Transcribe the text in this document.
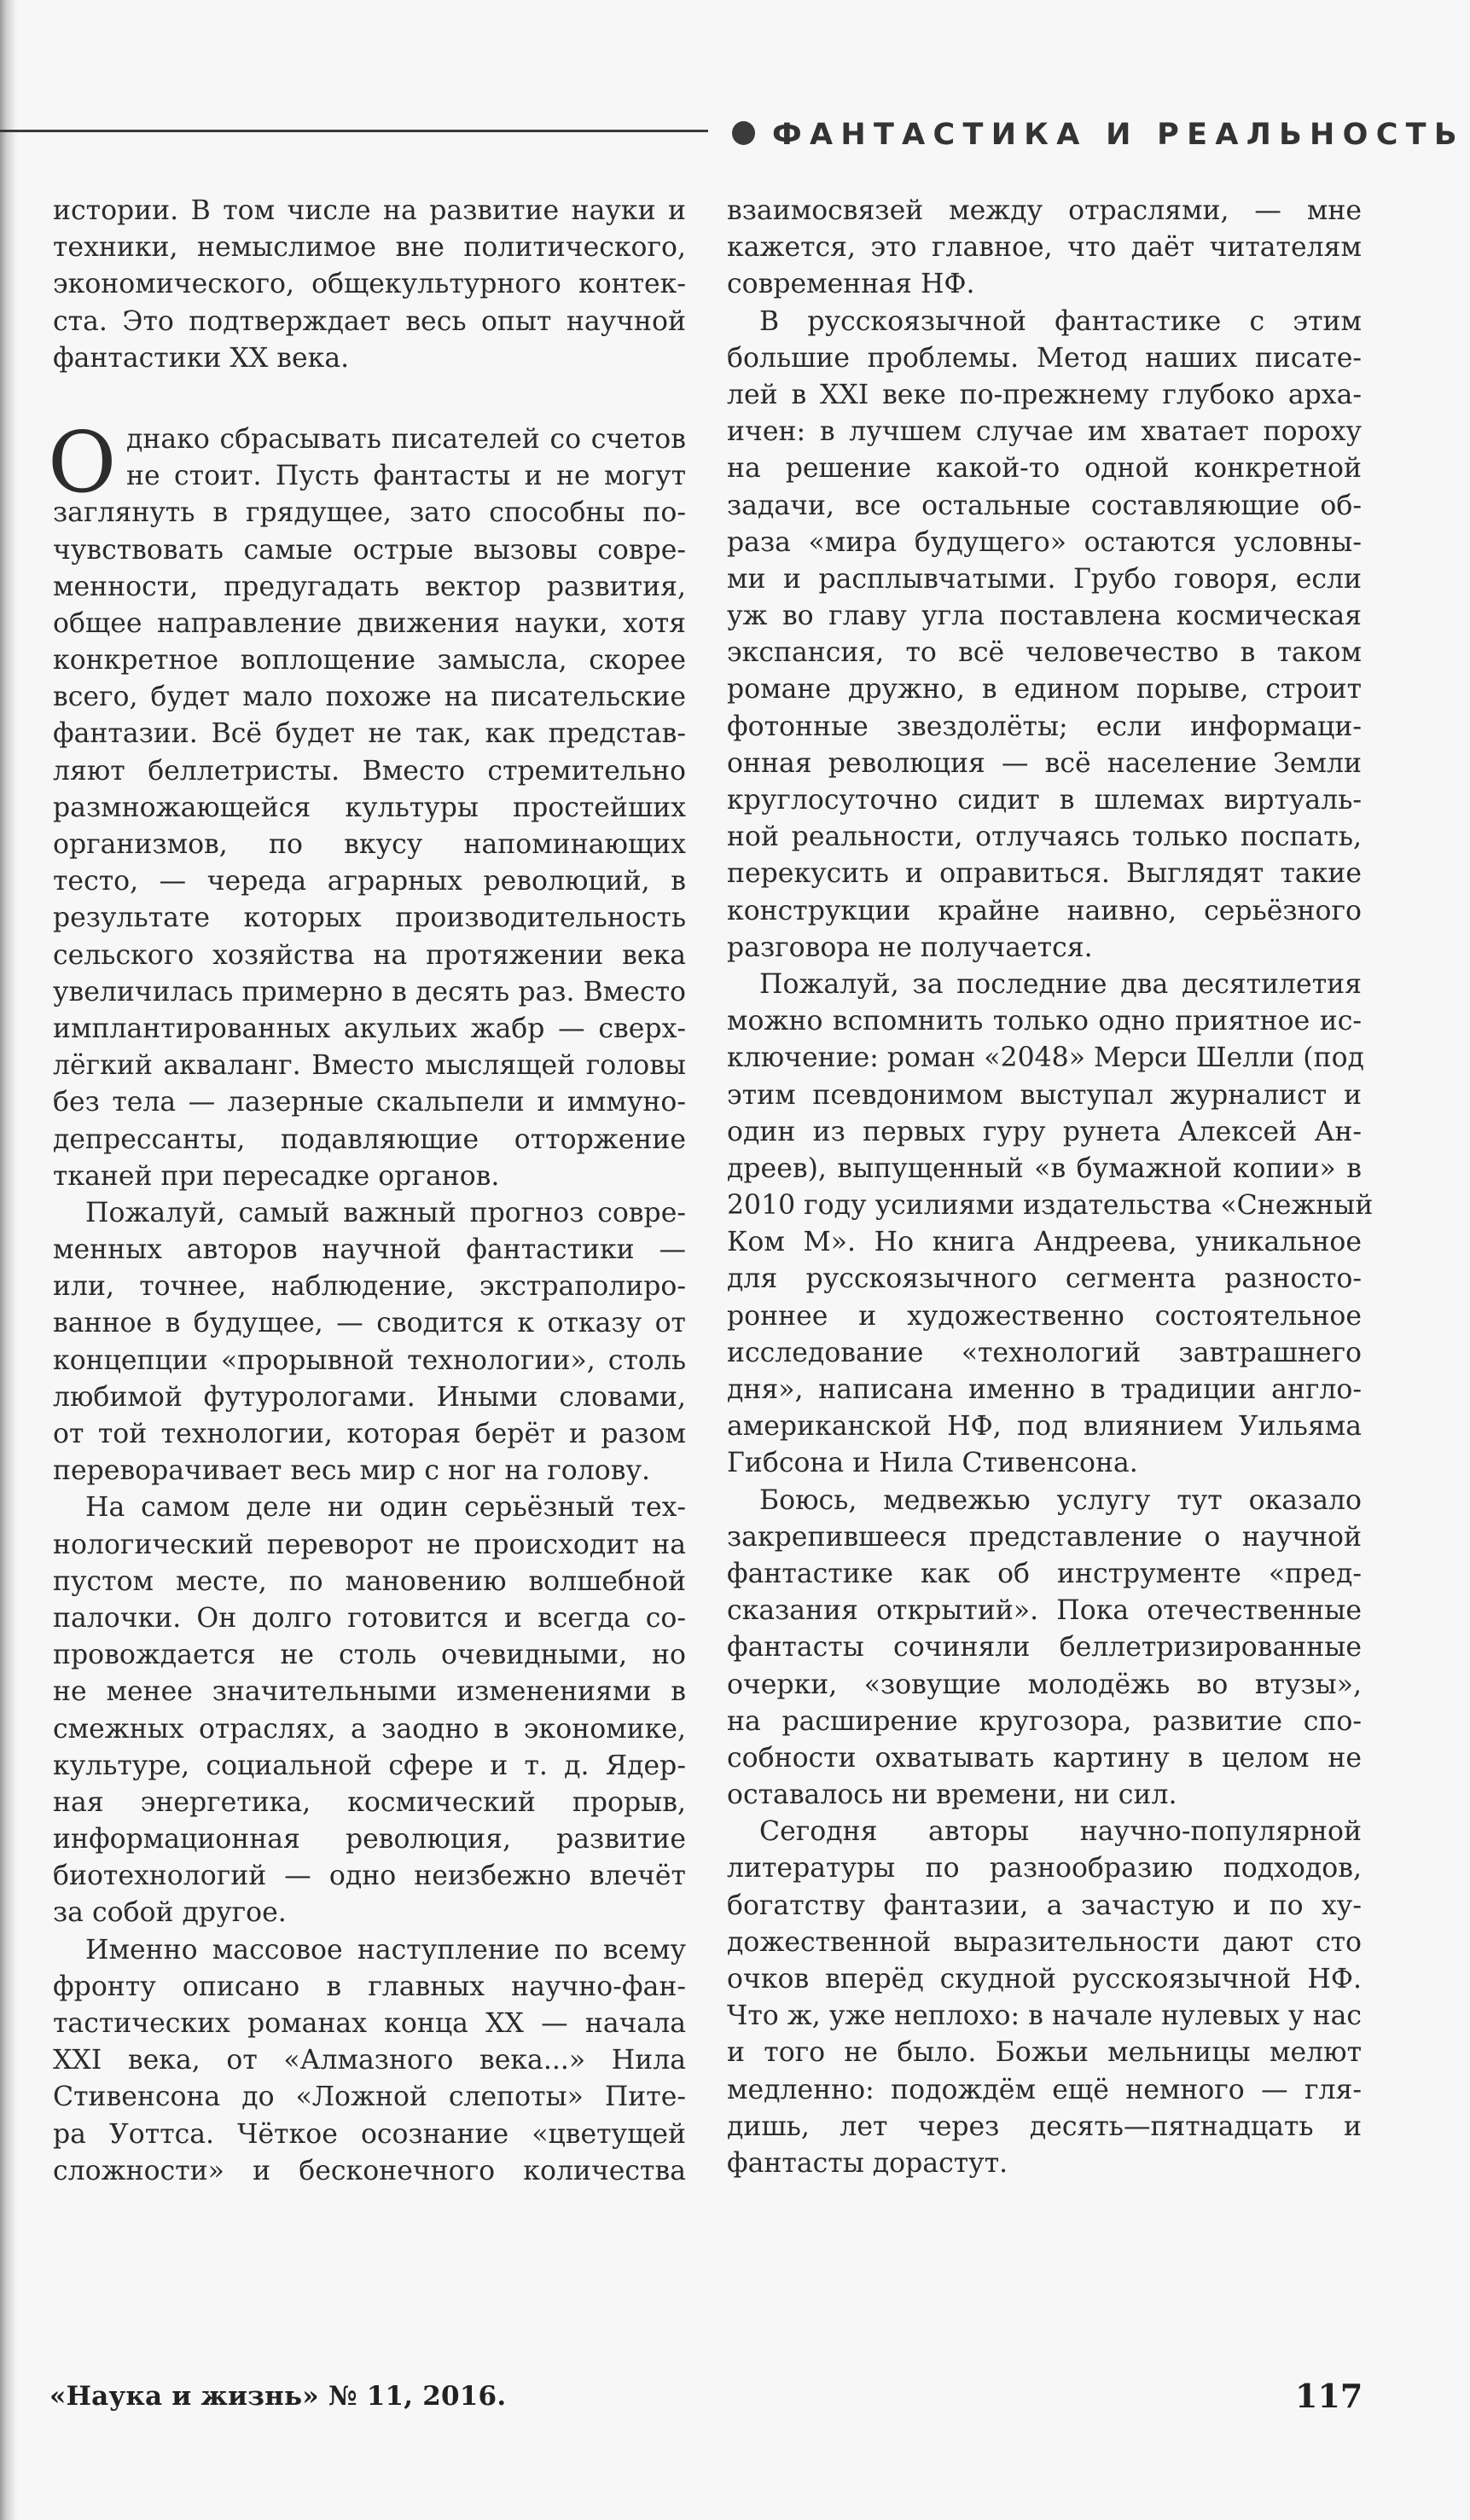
ФАНТАСТИКА И РЕАЛЬНОСТЬ
истории. В том числе на развитие науки и
техники, немыслимое вне политического,
экономического, общекультурного контек-
ста. Это подтверждает весь опыт научной
фантастики XX века.
О днако сбрасывать писателей со счетов
не стоит. Пусть фантасты и не могут
заглянуть в грядущее, зато способны по-
чувствовать самые острые вызовы совре-
менности, предугадать вектор развития,
общее направление движения науки, хотя
конкретное воплощение замысла, скорее
всего, будет мало похоже на писательские
фантазии. Всё будет не так, как представ-
ляют беллетристы. Вместо стремительно
размножающейся культуры простейших
организмов, по вкусу напоминающих
тесто, — череда аграрных революций, в
результате которых производительность
сельского хозяйства на протяжении века
увеличилась примерно в десять раз. Вместо
имплантированных акульих жабр — сверх-
лёгкий акваланг. Вместо мыслящей головы
без тела — лазерные скальпели и иммуно-
депрессанты, подавляющие отторжение
тканей при пересадке органов.
Пожалуй, самый важный прогноз совре-
менных авторов научной фантастики —
или, точнее, наблюдение, экстраполиро-
ванное в будущее, — сводится к отказу от
концепции «прорывной технологии», столь
любимой футурологами. Иными словами,
от той технологии, которая берёт и разом
переворачивает весь мир с ног на голову.
На самом деле ни один серьёзный тех-
нологический переворот не происходит на
пустом месте, по мановению волшебной
палочки. Он долго готовится и всегда со-
провождается не столь очевидными, но
не менее значительными изменениями в
смежных отраслях, а заодно в экономике,
культуре, социальной сфере и т. д. Ядер-
ная энергетика, космический прорыв,
информационная революция, развитие
биотехнологий — одно неизбежно влечёт
за собой другое.
Именно массовое наступление по всему
фронту описано в главных научно-фан-
тастических романах конца XX — начала
XXI века, от «Алмазного века...» Нила
Стивенсона до «Ложной слепоты» Пите-
ра Уоттса. Чёткое осознание «цветущей
сложности» и бесконечного количества
взаимосвязей между отраслями, — мне
кажется, это главное, что даёт читателям
современная НФ.
В русскоязычной фантастике с этим
большие проблемы. Метод наших писате-
лей в XXI веке по-прежнему глубоко арха-
ичен: в лучшем случае им хватает пороху
на решение какой-то одной конкретной
задачи, все остальные составляющие об-
раза «мира будущего» остаются условны-
ми и расплывчатыми. Грубо говоря, если
уж во главу угла поставлена космическая
экспансия, то всё человечество в таком
романе дружно, в едином порыве, строит
фотонные звездолёты; если информаци-
онная революция — всё население Земли
круглосуточно сидит в шлемах виртуаль-
ной реальности, отлучаясь только поспать,
перекусить и оправиться. Выглядят такие
конструкции крайне наивно, серьёзного
разговора не получается.
Пожалуй, за последние два десятилетия
можно вспомнить только одно приятное ис-
ключение: роман «2048» Мерси Шелли (под
этим псевдонимом выступал журналист и
один из первых гуру рунета Алексей Ан-
дреев), выпущенный «в бумажной копии» в
2010 году усилиями издательства «Снежный
Ком М». Но книга Андреева, уникальное
для русскоязычного сегмента разносто-
роннее и художественно состоятельное
исследование «технологий завтрашнего
дня», написана именно в традиции англо-
американской НФ, под влиянием Уильяма
Гибсона и Нила Стивенсона.
Боюсь, медвежью услугу тут оказало
закрепившееся представление о научной
фантастике как об инструменте «пред-
сказания открытий». Пока отечественные
фантасты сочиняли беллетризированные
очерки, «зовущие молодёжь во втузы»,
на расширение кругозора, развитие спо-
собности охватывать картину в целом не
оставалось ни времени, ни сил.
Сегодня авторы научно-популярной
литературы по разнообразию подходов,
богатству фантазии, а зачастую и по ху-
дожественной выразительности дают сто
очков вперёд скудной русскоязычной НФ.
Что ж, уже неплохо: в начале нулевых у нас
и того не было. Божьи мельницы мелют
медленно: подождём ещё немного — гля-
дишь, лет через десять—пятнадцать и
фантасты дорастут.
«Наука и жизнь» № 11, 2016.	117
